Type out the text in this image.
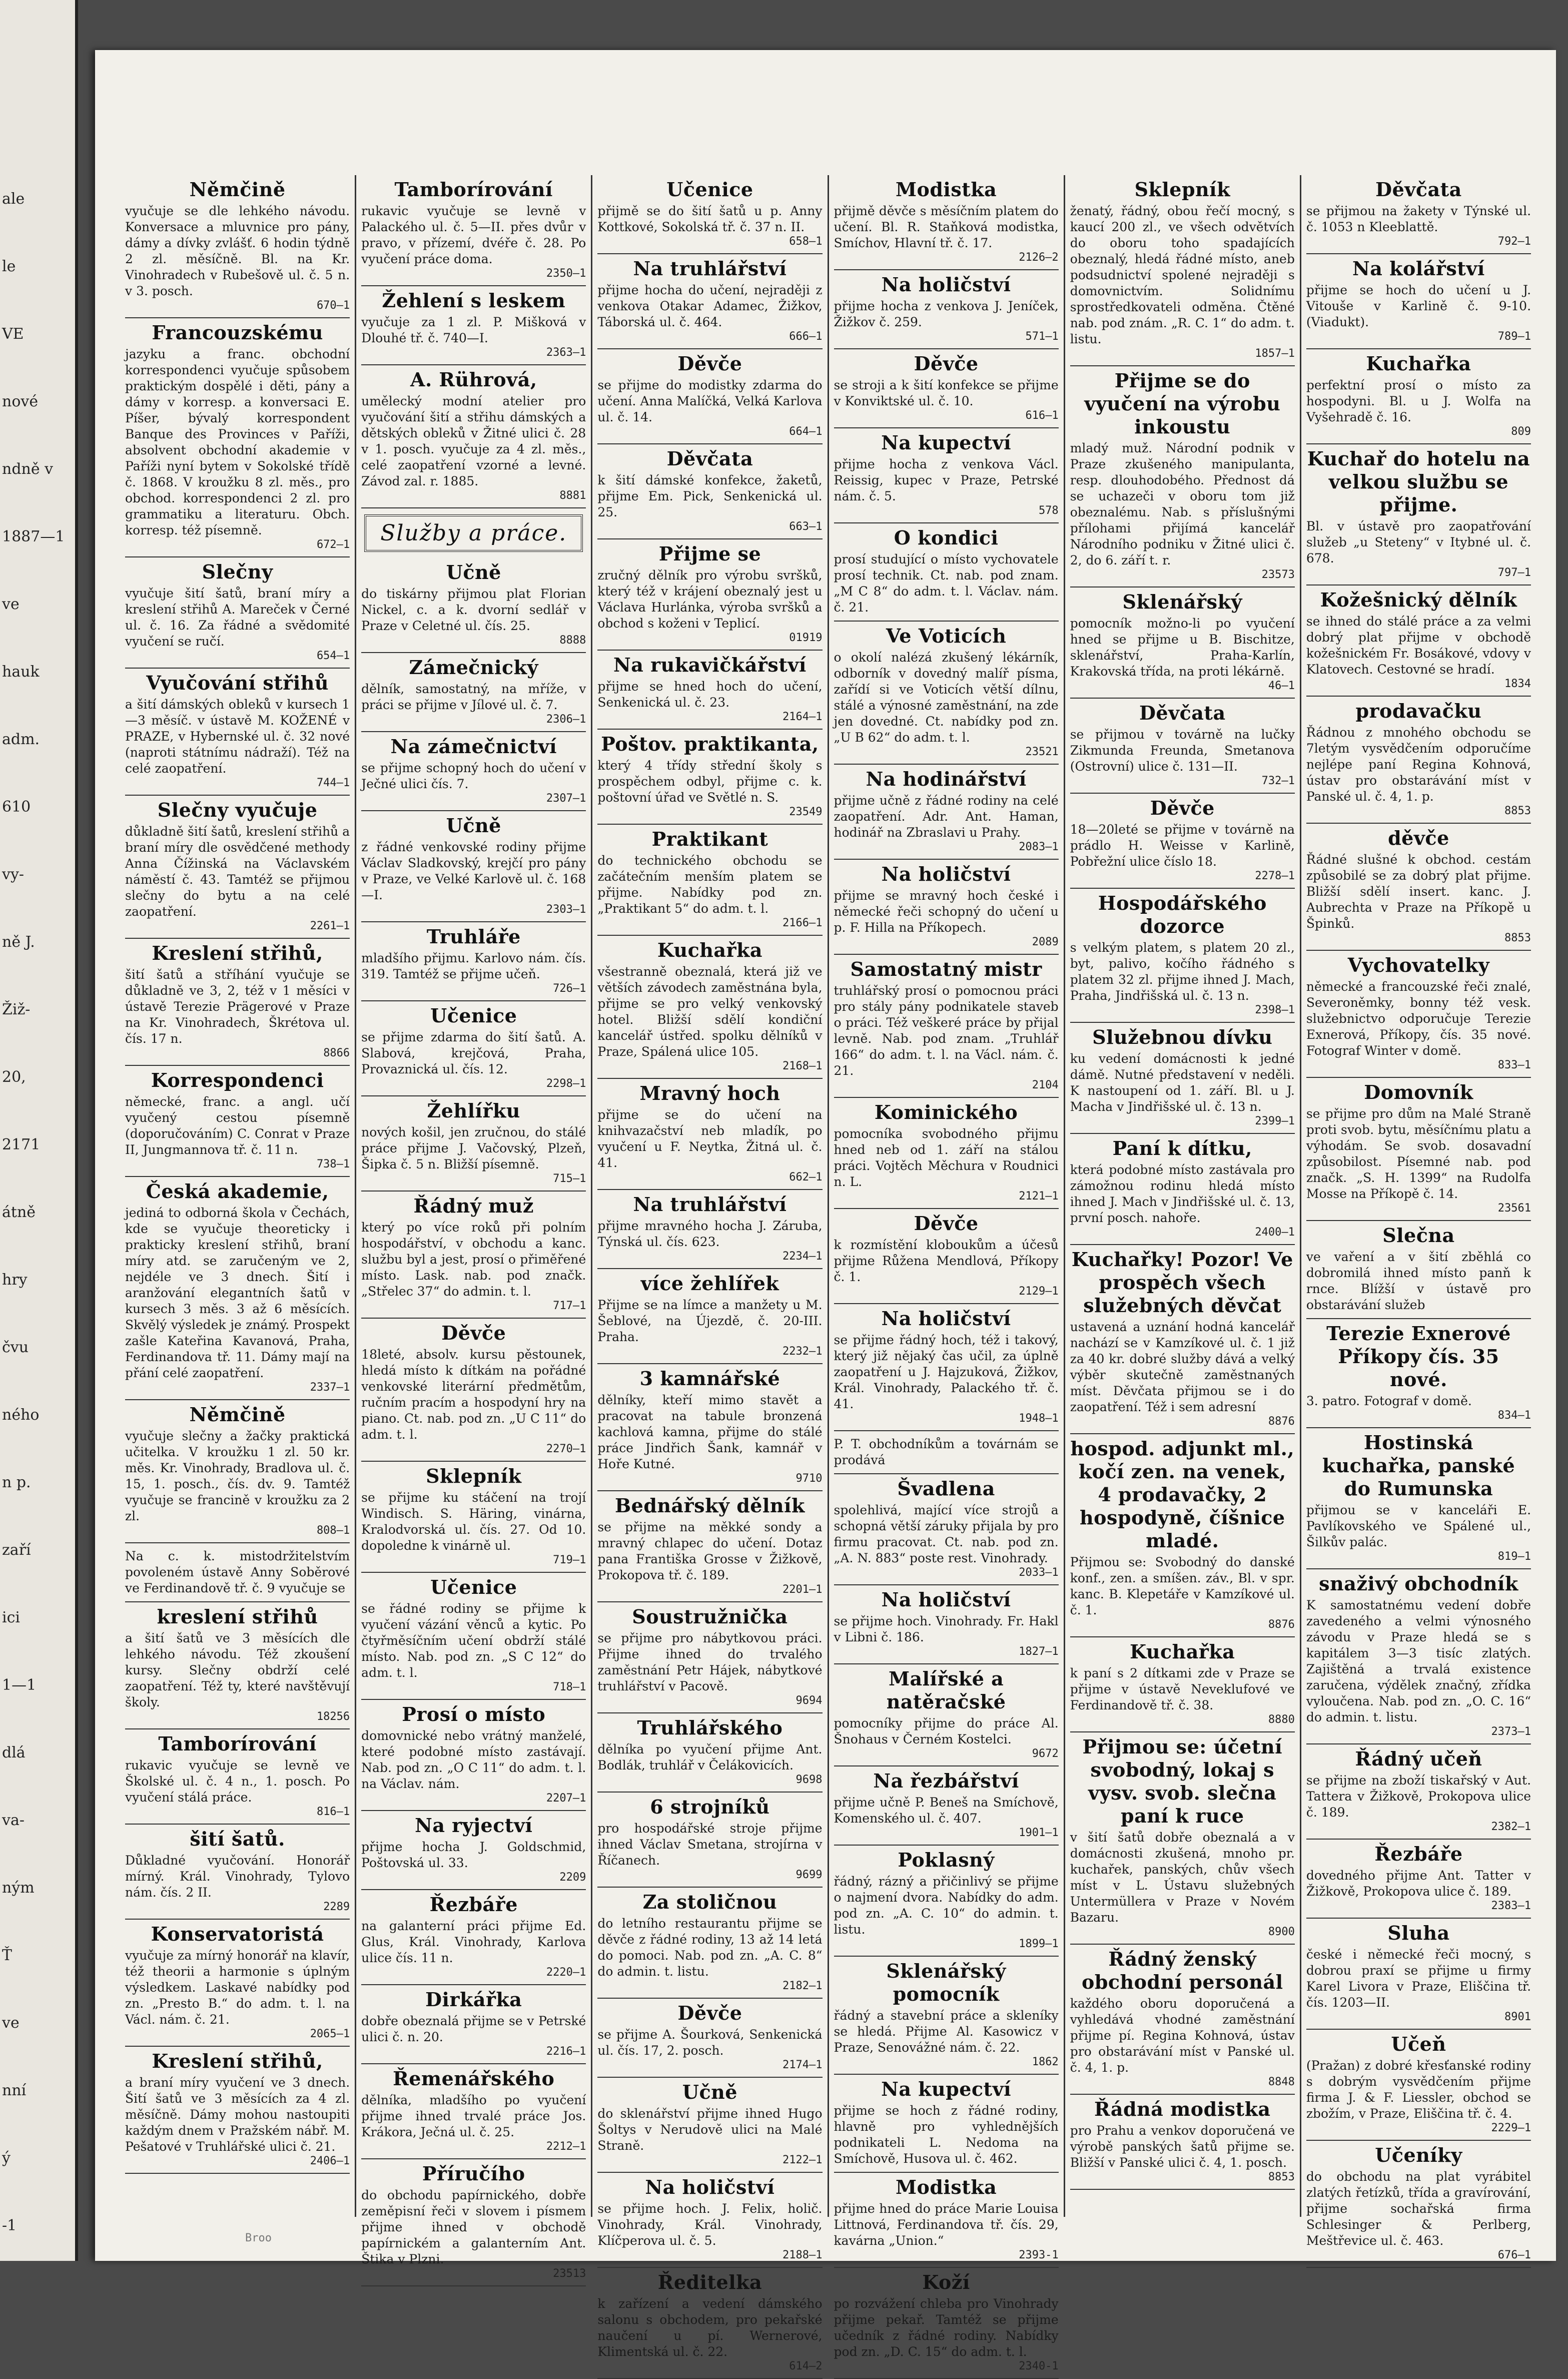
ale
le
VE
nové
ndně v
1887—1
ve
hauk
adm.
610
vy-
ně J.
Žiž-
20,
2171
átně
hry
čvu
ného
n p.
zaří
ici
1—1
dlá
va-
ným
Ť
ve
nní
ý
-1
Němčině

vyučuje se dle lehkého návodu. Konversace a mluvnice pro pány, dámy a dívky zvlášť. 6 hodin týdně 2 zl. měsíčně. Bl. na Kr. Vinohradech v Rubešově ul. č. 5 n. v 3. posch.

670—1
Francouzskému

jazyku a franc. obchodní korrespondenci vyučuje spůsobem praktickým dospělé i děti, pány a dámy v korresp. a konversaci E. Píšer, bývalý korrespondent Banque des Provinces v Paříži, absolvent obchodní akademie v Paříži nyní bytem v Sokolské třídě č. 1868. V kroužku 8 zl. měs., pro obchod. korrespondenci 2 zl. pro grammatiku a literaturu. Obch. korresp. též písemně.

672—1
Slečny

vyučuje šití šatů, braní míry a kreslení střihů A. Mareček v Černé ul. č. 16. Za řádné a svědomité vyučení se ručí.

654—1
Vyučování střihů

a šití dámských obleků v kursech 1—3 měsíč. v ústavě M. KOŽENÉ v PRAZE, v Hybernské ul. č. 32 nové (naproti státnímu nádraží). Též na celé zaopatření.

744—1
Slečny vyučuje

důkladně šití šatů, kreslení střihů a braní míry dle osvědčené methody Anna Čížinská na Václavském náměstí č. 43. Tamtéž se přijmou slečny do bytu a na celé zaopatření.

2261—1
Kreslení střihů,

šití šatů a stříhání vyučuje se důkladně ve 3, 2, též v 1 měsíci v ústavě Terezie Prägerové v Praze na Kr. Vinohradech, Škrétova ul. čís. 17 n.

8866
Korrespondenci

německé, franc. a angl. učí vyučený cestou písemně (doporučováním) C. Conrat v Praze II, Jungmannova tř. č. 11 n.

738—1
Česká akademie,

jediná to odborná škola v Čechách, kde se vyučuje theoreticky i prakticky kreslení střihů, braní míry atd. se zaručeným ve 2, nejdéle ve 3 dnech. Šití i aranžování elegantních šatů v kursech 3 měs. 3 až 6 měsících. Skvělý výsledek je známý. Prospekt zašle Kateřina Kavanová, Praha, Ferdinandova tř. 11. Dámy mají na přání celé zaopatření.

2337—1
Němčině

vyučuje slečny a žačky praktická učitelka. V kroužku 1 zl. 50 kr. měs. Kr. Vinohrady, Bradlova ul. č. 15, 1. posch., čís. dv. 9. Tamtéž vyučuje se francině v kroužku za 2 zl.

808—1

Na c. k. mistodržitelstvím povoleném ústavě Anny Soběrové ve Ferdinandově tř. č. 9 vyučuje se

kreslení střihů

a šití šatů ve 3 měsících dle lehkého návodu. Též zkoušení kursy. Slečny obdrží celé zaopatření. Též ty, které navštěvují školy.

18256
Tamborírování

rukavic vyučuje se levně ve Školské ul. č. 4 n., 1. posch. Po vyučení stálá práce.

816—1
šití šatů.

Důkladné vyučování. Honorář mírný. Král. Vinohrady, Tylovo nám. čís. 2 II.

2289
Konservatoristá

vyučuje za mírný honorář na klavír, též theorii a harmonie s úplným výsledkem. Laskavé nabídky pod zn. „Presto B.“ do adm. t. l. na Václ. nám. č. 21.

2065—1
Kreslení střihů,

a braní míry vyučení ve 3 dnech. Šití šatů ve 3 měsících za 4 zl. měsíčně. Dámy mohou nastoupiti každým dnem v Pražském nábř. M. Pešatové v Truhlářské ulici č. 21.

2406—1
Tamborírování

rukavic vyučuje se levně v Palackého ul. č. 5—II. přes dvůr v pravo, v přízemí, dvéře č. 28. Po vyučení práce doma.

2350—1
Žehlení s leskem

vyučuje za 1 zl. P. Mišková v Dlouhé tř. č. 740—I.

2363—1
A. Rührová,

umělecký modní atelier pro vyučování šití a střihu dámských a dětských obleků v Žitné ulici č. 28 v 1. posch. vyučuje za 4 zl. měs., celé zaopatření vzorné a levné. Závod zal. r. 1885.

8881
Služby a práce.
Učně

do tiskárny přijmou plat Florian Nickel, c. a k. dvorní sedlář v Praze v Celetné ul. čís. 25.

8888
Zámečnický

dělník, samostatný, na mříže, v práci se přijme v Jílové ul. č. 7.

2306—1
Na zámečnictví

se přijme schopný hoch do učení v Ječné ulici čís. 7.

2307—1
Učně

z řádné venkovské rodiny přijme Václav Sladkovský, krejčí pro pány v Praze, ve Velké Karlově ul. č. 168—I.

2303—1
Truhláře

mladšího přijmu. Karlovo nám. čís. 319. Tamtéž se přijme učeň.

726—1
Učenice

se přijme zdarma do šití šatů. A. Slabová, krejčová, Praha, Provaznická ul. čís. 12.

2298—1
Žehlířku

nových košil, jen zručnou, do stálé práce přijme J. Vačovský, Plzeň, Šipka č. 5 n. Bližší písemně.

715—1
Řádný muž

který po více roků při polním hospodářství, v obchodu a kanc. službu byl a jest, prosí o přiměřené místo. Lask. nab. pod značk. „Střelec 37“ do admin. t. l.

717—1
Děvče

18leté, absolv. kursu pěstounek, hledá místo k dítkám na pořádné venkovské literární předmětům, ručním pracím a hospodyní hry na piano. Ct. nab. pod zn. „U C 11“ do adm. t. l.

2270—1
Sklepník

se přijme ku stáčení na trojí Windisch. S. Häring, vinárna, Kralodvorská ul. čís. 27. Od 10. dopoledne k vinárně ul.

719—1
Učenice

se řádné rodiny se přijme k vyučení vázání věnců a kytic. Po čtyřměsíčním učení obdrží stálé místo. Nab. pod zn. „S C 12“ do adm. t. l.

718—1
Prosí o místo

domovnické nebo vrátný manželé, které podobné místo zastávají. Nab. pod zn. „O C 11“ do adm. t. l. na Václav. nám.

2207—1
Na ryjectví

přijme hocha J. Goldschmid, Poštovská ul. 33.

2209
Řezbáře

na galanterní práci přijme Ed. Glus, Král. Vinohrady, Karlova ulice čís. 11 n.

2220—1
Dirkářka

dobře obeznalá přijme se v Petrské ulici č. n. 20.

2216—1
Řemenářského

dělníka, mladšího po vyučení přijme ihned trvalé práce Jos. Krákora, Ječná ul. č. 25.

2212—1
Příručího

do obchodu papírnického, dobře zeměpisní řeči v slovem i písmem přijme ihned v obchodě papírnickém a galanterním Ant. Štika v Plzni.

23513
Učenice

přijmě se do šití šatů u p. Anny Kottkové, Sokolská tř. č. 37 n. II.

658—1
Na truhlářství

přijme hocha do učení, nejraději z venkova Otakar Adamec, Žižkov, Táborská ul. č. 464.

666—1
Děvče

se přijme do modistky zdarma do učení. Anna Malíčká, Velká Karlova ul. č. 14.

664—1
Děvčata

k šití dámské konfekce, žaketů, přijme Em. Pick, Senkenická ul. 25.

663—1
Přijme se

zručný dělník pro výrobu svršků, který též v krájení obeznalý jest u Václava Hurlánka, výroba svršků a obchod s koženi v Teplicí.

01919
Na rukavičkářství

přijme se hned hoch do učení, Senkenická ul. č. 23.

2164—1
Poštov. praktikanta,

který 4 třídy střední školy s prospěchem odbyl, přijme c. k. poštovní úřad ve Světlé n. S.

23549
Praktikant

do technického obchodu se začátečním menším platem se přijme. Nabídky pod zn. „Praktikant 5“ do adm. t. l.

2166—1
Kuchařka

všestranně obeznalá, která již ve větších závodech zaměstnána byla, přijme se pro velký venkovský hotel. Bližší sdělí kondiční kancelář ústřed. spolku dělníků v Praze, Spálená ulice 105.

2168—1
Mravný hoch

přijme se do učení na knihvazačství neb mladík, po vyučení u F. Neytka, Žitná ul. č. 41.

662—1
Na truhlářství

přijme mravného hocha J. Záruba, Týnská ul. čís. 623.

2234—1
více žehlířek

Přijme se na límce a manžety u M. Šeblové, na Újezdě, č. 20-III. Praha.

2232—1
3 kamnářské

dělníky, kteří mimo stavět a pracovat na tabule bronzená kachlová kamna, přijme do stálé práce Jindřich Šank, kamnář v Hoře Kutné.

9710
Bednářský dělník

se přijme na měkké sondy a mravný chlapec do učení. Dotaz pana Františka Grosse v Žižkově, Prokopova tř. č. 189.

2201—1
Soustružnička

se přijme pro nábytkovou práci. Přijme ihned do trvalého zaměstnání Petr Hájek, nábytkové truhlářství v Pacově.

9694
Truhlářského

dělníka po vyučení přijme Ant. Bodlák, truhlář v Čelákovicích.

9698
6 strojníků

pro hospodářské stroje přijme ihned Václav Smetana, strojírna v Říčanech.

9699
Za stoličnou

do letního restaurantu přijme se děvče z řádné rodiny, 13 až 14 letá do pomoci. Nab. pod zn. „A. C. 8“ do admin. t. listu.

2182—1
Děvče

se přijme A. Šourková, Senkenická ul. čís. 17, 2. posch.

2174—1
Učně

do sklenářství přijme ihned Hugo Šoltys v Nerudově ulici na Malé Straně.

2122—1
Na holičství

se přijme hoch. J. Felix, holič. Vinohrady, Král. Vinohrady, Klíčperova ul. č. 5.

2188—1
Ředitelka

k zařízení a vedení dámského salonu s obchodem, pro pekařské naučení u pí. Wernerové, Klimentská ul. č. 22.

614—2
Modistka

přijmě děvče s měsíčním platem do učení. Bl. R. Staňková modistka, Smíchov, Hlavní tř. č. 17.

2126—2
Na holičství

přijme hocha z venkova J. Jeníček, Žižkov č. 259.

571—1
Děvče

se stroji a k šití konfekce se přijme v Konviktské ul. č. 10.

616—1
Na kupectví

přijme hocha z venkova Václ. Reissig, kupec v Praze, Petrské nám. č. 5.

578
O kondici

prosí studující o místo vychovatele prosí technik. Ct. nab. pod znam. „M C 8“ do adm. t. l. Václav. nám. č. 21.

Ve Voticích

o okolí nalézá zkušený lékárník, odborník v dovedný malíř písma, zařídí si ve Voticích větší dílnu, stálé a výnosné zaměstnání, na zde jen dovedné. Ct. nabídky pod zn. „U B 62“ do adm. t. l.

23521
Na hodinářství

přijme učně z řádné rodiny na celé zaopatření. Adr. Ant. Haman, hodinář na Zbraslavi u Prahy.

2083—1
Na holičství

přijme se mravný hoch české i německé řeči schopný do učení u p. F. Hilla na Příkopech.

2089
Samostatný mistr

truhlářský prosí o pomocnou práci pro stály pány podnikatele staveb o práci. Též veškeré práce by přijal levně. Nab. pod znam. „Truhlář 166“ do adm. t. l. na Václ. nám. č. 21.

2104
Kominického

pomocníka svobodného přijmu hned neb od 1. září na stálou práci. Vojtěch Měchura v Roudnici n. L.

2121—1
Děvče

k rozmístění kloboukům a účesů přijme Růžena Mendlová, Příkopy č. 1.

2129—1
Na holičství

se přijme řádný hoch, též i takový, který již nějaký čas učil, za úplně zaopatření u J. Hajzuková, Žižkov, Král. Vinohrady, Palackého tř. č. 41.

1948—1

P. T. obchodníkům a továrnám se prodává

Švadlena

spolehlivá, mající více strojů a schopná větší záruky přijala by pro firmu pracovat. Ct. nab. pod zn. „A. N. 883“ poste rest. Vinohrady.

2033—1
Na holičství

se přijme hoch. Vinohrady. Fr. Hakl v Libni č. 186.

1827—1
Malířské a natěračské

pomocníky přijme do práce Al. Šnohaus v Černém Kostelci.

9672
Na řezbářství

přijme učně P. Beneš na Smíchově, Komenského ul. č. 407.

1901—1
Poklasný

řádný, rázný a přičinlivý se přijme o najmení dvora. Nabídky do adm. pod zn. „A. C. 10“ do admin. t. listu.

1899—1
Sklenářský pomocník

řádný a stavební práce a skleníky se hledá. Přijme Al. Kasowicz v Praze, Senovážné nám. č. 22.

1862
Na kupectví

přijme se hoch z řádné rodiny, hlavně pro vyhlednějších podnikateli L. Nedoma na Smíchově, Husova ul. č. 462.

Modistka

přijme hned do práce Marie Louisa Littnová, Ferdinandova tř. čís. 29, kavárna „Union.“

2393-1
Koží

po rozvážení chleba pro Vinohrady přijme pekař. Tamtéž se přijme učedník z řádné rodiny. Nabídky pod zn. „D. C. 15“ do adm. t. l.

2340-1
Sklepník

ženatý, řádný, obou řečí mocný, s kaucí 200 zl., ve všech odvětvích do oboru toho spadajících obeznalý, hledá řádné místo, aneb podsudnictví spolené nejraději s domovnictvím. Solidnímu sprostředkovateli odměna. Čtěné nab. pod znám. „R. C. 1“ do adm. t. listu.

1857—1
Přijme se do vyučení na výrobu inkoustu

mladý muž. Národní podnik v Praze zkušeného manipulanta, resp. dlouhodobého. Přednost dá se uchazeči v oboru tom již obeznalému. Nab. s příslušnými přílohami přijímá kancelář Národního podniku v Žitné ulici č. 2, do 6. září t. r.

23573
Sklenářský

pomocník možno-li po vyučení hned se přijme u B. Bischitze, sklenářství, Praha-Karlín, Krakovská třída, na proti lékárně.

46—1
Děvčata

se přijmou v továrně na lučky Zikmunda Freunda, Smetanova (Ostrovní) ulice č. 131—II.

732—1
Děvče

18—20leté se přijme v továrně na prádlo H. Weisse v Karlině, Pobřežní ulice číslo 18.

2278—1
Hospodářského dozorce

s velkým platem, s platem 20 zl., byt, palivo, kočího řádného s platem 32 zl. přijme ihned J. Mach, Praha, Jindřišská ul. č. 13 n.

2398—1
Služebnou dívku

ku vedení domácnosti k jedné dámě. Nutné představení v neděli. K nastoupení od 1. září. Bl. u J. Macha v Jindřišské ul. č. 13 n.

2399—1
Paní k dítku,

která podobné místo zastávala pro zámožnou rodinu hledá místo ihned J. Mach v Jindřišské ul. č. 13, první posch. nahoře.

2400—1
Kuchařky! Pozor! Ve prospěch všech služebných děvčat

ustavená a uznání hodná kancelář nachází se v Kamzíkové ul. č. 1 již za 40 kr. dobré služby dává a velký výběr skutečně zaměstnaných míst. Děvčata přijmou se i do zaopatření. Též i sem adresní

8876
hospod. adjunkt ml., kočí zen. na venek, 4 prodavačky, 2 hospodyně, číšnice mladé.

Přijmou se: Svobodný do danské konf., zen. a smíšen. záv., Bl. v spr. kanc. B. Klepetáře v Kamzíkové ul. č. 1.

8876
Kuchařka

k paní s 2 dítkami zde v Praze se přijme v ústavě Neveklufové ve Ferdinandově tř. č. 38.

8880
Přijmou se: účetní svobodný, lokaj s vysv. svob. slečna paní k ruce

v šití šatů dobře obeznalá a v domácnosti zkušená, mnoho pr. kuchařek, panských, chův všech míst v L. Ústavu služebných Untermüllera v Praze v Novém Bazaru.

8900
Řádný ženský obchodní personál

každého oboru doporučená a vyhledává vhodné zaměstnání přijme pí. Regina Kohnová, ústav pro obstarávání míst v Panské ul. č. 4, 1. p.

8848
Řádná modistka

pro Prahu a venkov doporučená ve výrobě panských šatů přijme se. Bližší v Panské ulici č. 4, 1. posch.

8853
Děvčata

se přijmou na žakety v Týnské ul. č. 1053 n Kleeblattě.

792—1
Na kolářství

přijme se hoch do učení u J. Vitouše v Karlině č. 9-10. (Viadukt).

789—1
Kuchařka

perfektní prosí o místo za hospodyni. Bl. u J. Wolfa na Vyšehradě č. 16.

809
Kuchař do hotelu na velkou službu se přijme.

Bl. v ústavě pro zaopatřování služeb „u Steteny“ v Itybné ul. č. 678.

797—1
Kožešnický dělník

se ihned do stálé práce a za velmi dobrý plat přijme v obchodě kožešnickém Fr. Bosákové, vdovy v Klatovech. Cestovné se hradí.

1834
prodavačku

Řádnou z mnohého obchodu se 7letým vysvědčením odporučíme nejlépe paní Regina Kohnová, ústav pro obstarávání míst v Panské ul. č. 4, 1. p.

8853
děvče

Řádné slušné k obchod. cestám způsobilé se za dobrý plat přijme. Bližší sdělí insert. kanc. J. Aubrechta v Praze na Příkopě u Špinků.

8853
Vychovatelky

německé a francouzské řeči znalé, Severoněmky, bonny též vesk. služebnictvo odporučuje Terezie Exnerová, Příkopy, čís. 35 nové. Fotograf Winter v domě.

833—1
Domovník

se přijme pro dům na Malé Straně proti svob. bytu, měsíčnímu platu a výhodám. Se svob. dosavadní způsobilost. Písemné nab. pod značk. „S. H. 1399“ na Rudolfa Mosse na Příkopě č. 14.

23561
Slečna

ve vaření a v šití zběhlá co dobromilá ihned místo panň k rnce. Blížší v ústavě pro obstarávání služeb

Terezie Exnerové Příkopy čís. 35 nové.

3. patro. Fotograf v domě.

834—1
Hostinská kuchařka, panské do Rumunska

přijmou se v kanceláři E. Pavlíkovského ve Spálené ul., Šilkův palác.

819—1
snaživý obchodník

K samostatnému vedení dobře zavedeného a velmi výnosného závodu v Praze hledá se s kapitálem 3—3 tisíc zlatých. Zajištěná a trvalá existence zaručena, výdělek značný, zřídka vyloučena. Nab. pod zn. „O. C. 16“ do admin. t. listu.

2373—1
Řádný učeň

se přijme na zboží tiskařský v Aut. Tattera v Žižkově, Prokopova ulice č. 189.

2382—1
Řezbáře

dovedného přijme Ant. Tatter v Žižkově, Prokopova ulice č. 189.

2383—1
Sluha

české i německé řeči mocný, s dobrou praxí se přijme u firmy Karel Livora v Praze, Eliščina tř. čís. 1203—II.

8901
Učeň

(Pražan) z dobré křesťanské rodiny s dobrým vysvědčením přijme firma J. & F. Liessler, obchod se zbožím, v Praze, Eliščina tř. č. 4.

2229—1
Učeníky

do obchodu na plat vyrábitel zlatých řetízků, třída a gravírování, přijme sochařská firma Schlesinger & Perlberg, Meštřevice ul. č. 463.

676—1
Broo
